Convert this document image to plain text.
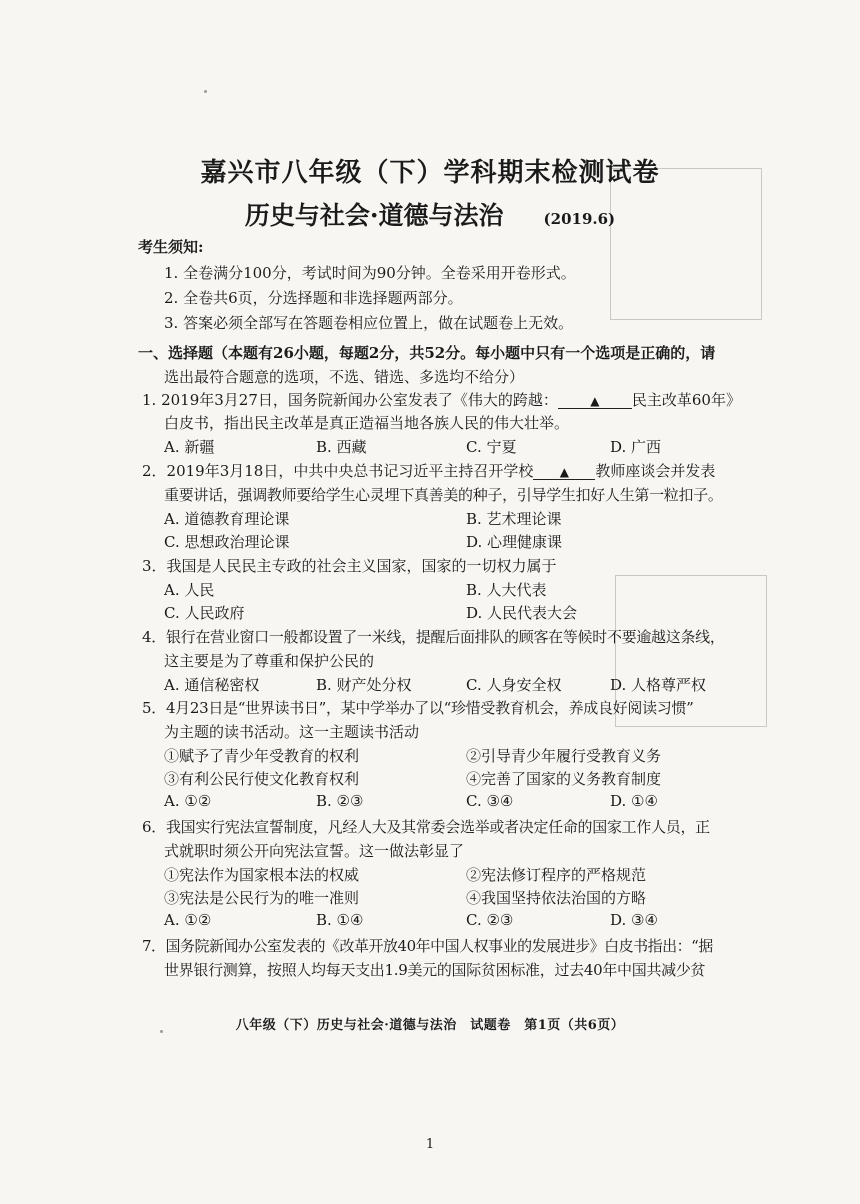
嘉兴市八年级（下）学科期末检测试卷
历史与社会·道德与法治	(2019.6)
考生须知:
1. 全卷满分100分，考试时间为90分钟。全卷采用开卷形式。
2. 全卷共6页，分选择题和非选择题两部分。
3. 答案必须全部写在答题卷相应位置上，做在试题卷上无效。
一、选择题（本题有26小题，每题2分，共52分。每小题中只有一个选项是正确的，请
选出最符合题意的选项，不选、错选、多选均不给分）
1. 2019年3月27日，国务院新闻办公室发表了《伟大的跨越：	▲ 民主改革60年》
白皮书，指出民主改革是真正造福当地各族人民的伟大壮举。
A. 新疆	B. 西藏	C. 宁夏	D. 广西
2．2019年3月18日，中共中央总书记习近平主持召开学校 ▲ 教师座谈会并发表
重要讲话，强调教师要给学生心灵埋下真善美的种子，引导学生扣好人生第一粒扣子。
A. 道德教育理论课	B. 艺术理论课
C. 思想政治理论课	D. 心理健康课
3．我国是人民民主专政的社会主义国家，国家的一切权力属于
A. 人民	B. 人大代表
C. 人民政府	D. 人民代表大会
4．银行在营业窗口一般都设置了一米线，提醒后面排队的顾客在等候时不要逾越这条线，
这主要是为了尊重和保护公民的
A. 通信秘密权	B. 财产处分权	C. 人身安全权	D. 人格尊严权
5．4月23日是“世界读书日”，某中学举办了以“珍惜受教育机会，养成良好阅读习惯”
为主题的读书活动。这一主题读书活动
①赋予了青少年受教育的权利	②引导青少年履行受教育义务
③有利公民行使文化教育权利	④完善了国家的义务教育制度
A. ①②	B. ②③	C. ③④	D. ①④
6．我国实行宪法宣誓制度，凡经人大及其常委会选举或者决定任命的国家工作人员，正
式就职时须公开向宪法宣誓。这一做法彰显了
①宪法作为国家根本法的权威	②宪法修订程序的严格规范
③宪法是公民行为的唯一准则	④我国坚持依法治国的方略
A. ①②	B. ①④	C. ②③	D. ③④
7．国务院新闻办公室发表的《改革开放40年中国人权事业的发展进步》白皮书指出：“据
世界银行测算，按照人均每天支出1.9美元的国际贫困标准，过去40年中国共减少贫
八年级（下）历史与社会·道德与法治　试题卷　第1页（共6页）
1
